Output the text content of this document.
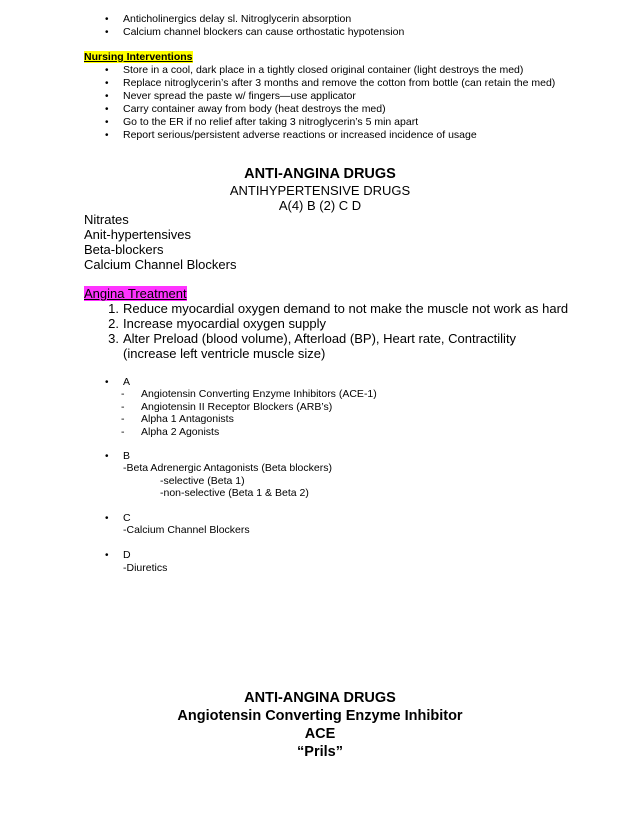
• Anticholinergics delay sl. Nitroglycerin absorption
• Calcium channel blockers can cause orthostatic hypotension
Nursing Interventions
• Store in a cool, dark place in a tightly closed original container (light destroys the med)
• Replace nitroglycerin’s after 3 months and remove the cotton from bottle (can retain the med)
• Never spread the paste w/ fingers—use applicator
• Carry container away from body (heat destroys the med)
• Go to the ER if no relief after taking 3 nitroglycerin’s 5 min apart
• Report serious/persistent adverse reactions or increased incidence of usage
ANTI-ANGINA DRUGS
ANTIHYPERTENSIVE DRUGS
A(4) B (2) C D
Nitrates
Anit-hypertensives
Beta-blockers
Calcium Channel Blockers
Angina Treatment
1. Reduce myocardial oxygen demand to not make the muscle not work as hard
2. Increase myocardial oxygen supply
3. Alter Preload (blood volume), Afterload (BP), Heart rate, Contractility
(increase left ventricle muscle size)
• A
- Angiotensin Converting Enzyme Inhibitors (ACE-1)
- Angiotensin II Receptor Blockers (ARB’s)
- Alpha 1 Antagonists
- Alpha 2 Agonists
• B
-Beta Adrenergic Antagonists (Beta blockers)
-selective (Beta 1)
-non-selective (Beta 1 & Beta 2)
• C
-Calcium Channel Blockers
• D
-Diuretics
ANTI-ANGINA DRUGS
Angiotensin Converting Enzyme Inhibitor
ACE
“Prils”
